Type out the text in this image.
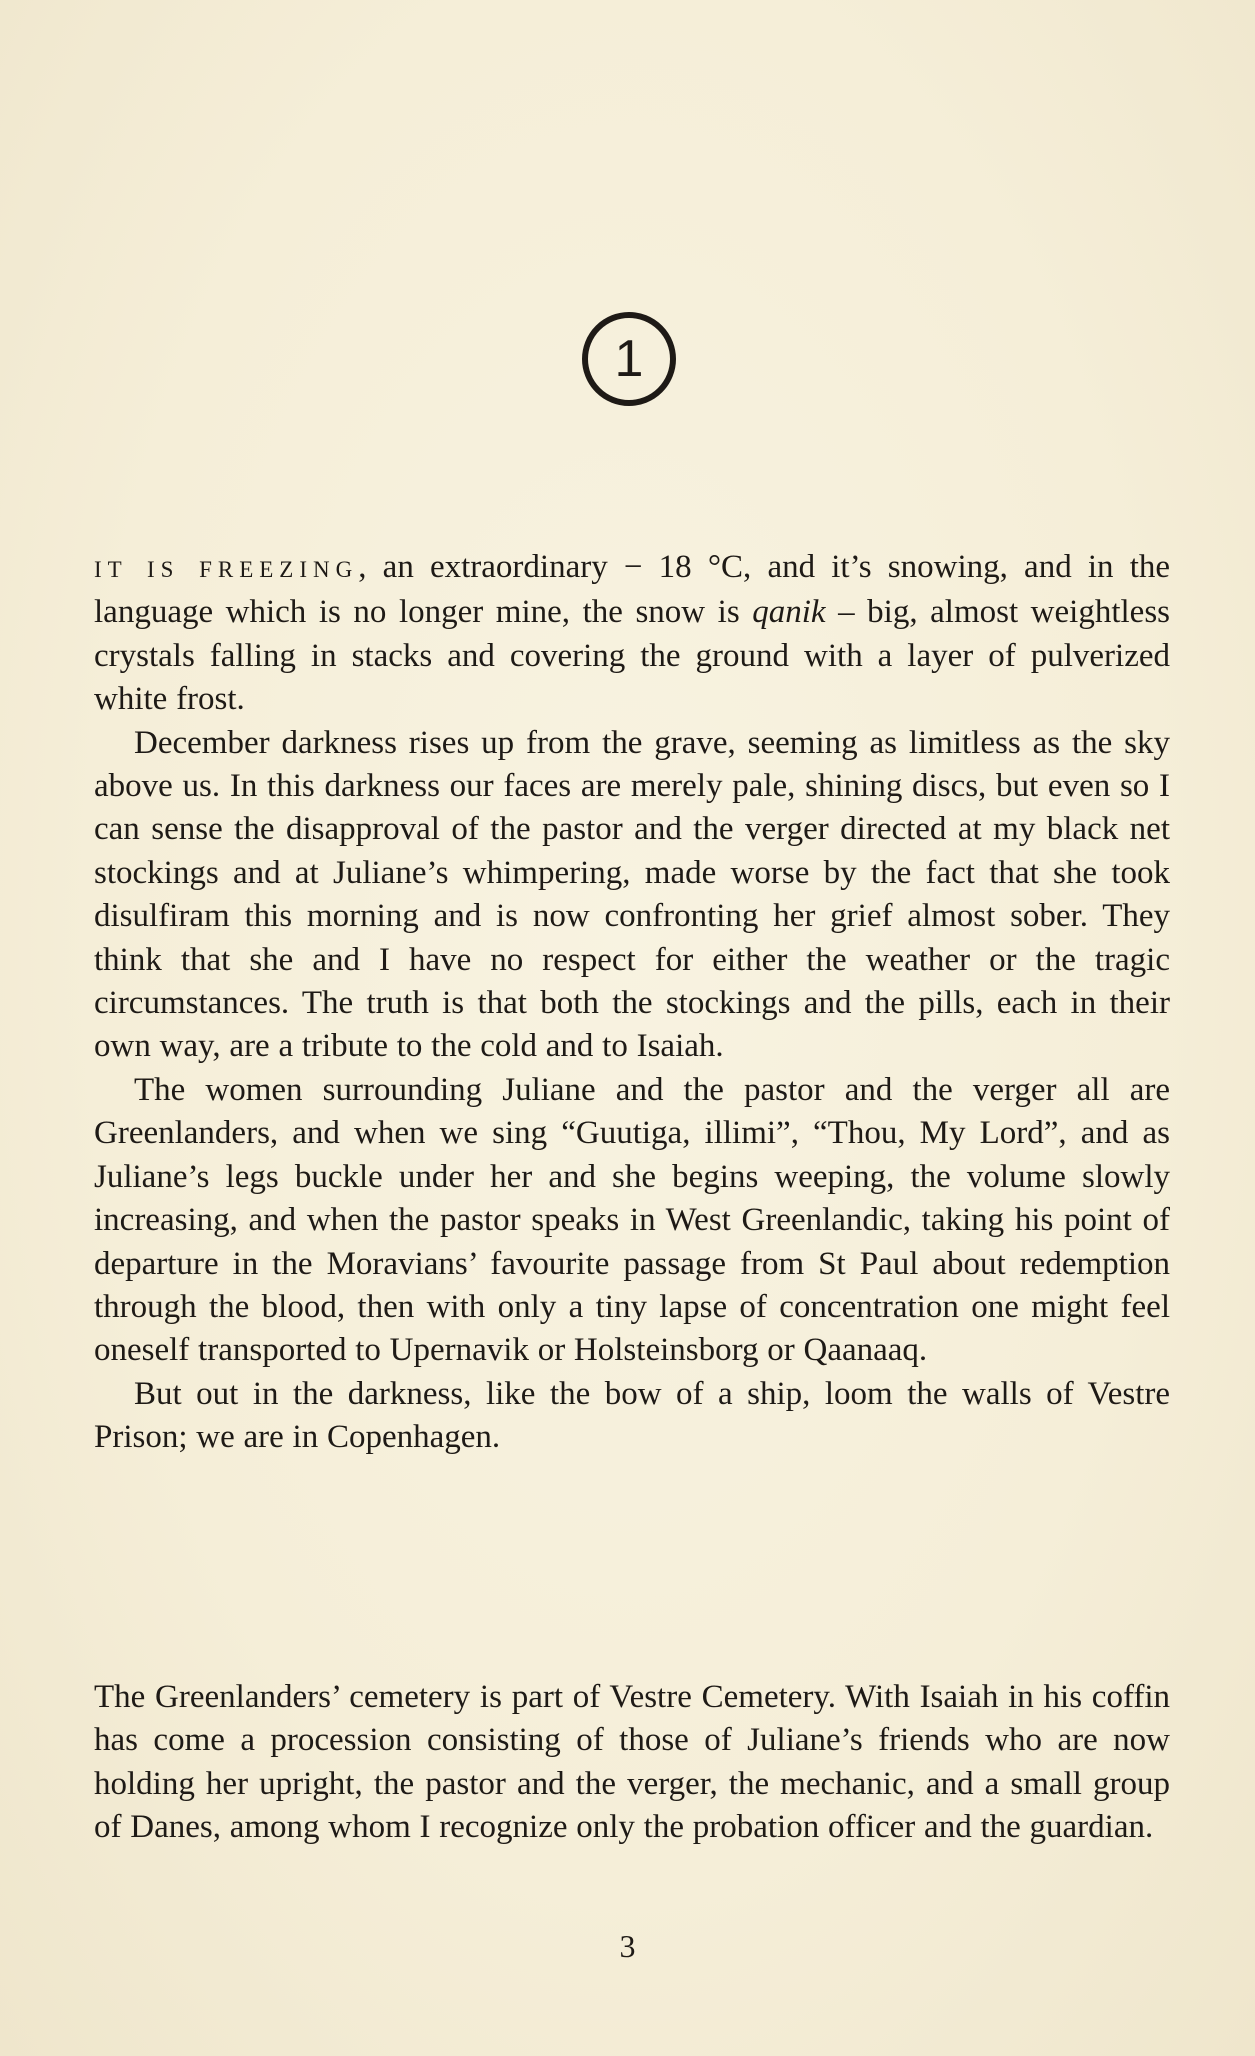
1

IT IS FREEZING, an extraordinary − 18 °C, and it’s snowing, and in the language which is no longer mine, the snow is qanik – big, almost weightless crystals falling in stacks and covering the ground with a layer of pulverized white frost.

December darkness rises up from the grave, seeming as limitless as the sky above us. In this darkness our faces are merely pale, shining discs, but even so I can sense the disapproval of the pastor and the verger directed at my black net stockings and at Juliane’s whimpering, made worse by the fact that she took disulfiram this morning and is now confronting her grief almost sober. They think that she and I have no respect for either the weather or the tragic circumstances. The truth is that both the stockings and the pills, each in their own way, are a tribute to the cold and to Isaiah.

The women surrounding Juliane and the pastor and the verger all are Greenlanders, and when we sing “Guutiga, illimi”, “Thou, My Lord”, and as Juliane’s legs buckle under her and she begins weeping, the volume slowly increasing, and when the pastor speaks in West Greenlandic, taking his point of departure in the Moravians’ favourite passage from St Paul about redemption through the blood, then with only a tiny lapse of concentration one might feel oneself transported to Upernavik or Holsteinsborg or Qaanaaq.

But out in the darkness, like the bow of a ship, loom the walls of Vestre Prison; we are in Copenhagen.

The Greenlanders’ cemetery is part of Vestre Cemetery. With Isaiah in his coffin has come a procession consisting of those of Juliane’s friends who are now holding her upright, the pastor and the verger, the mechanic, and a small group of Danes, among whom I recognize only the probation officer and the guardian.

3
